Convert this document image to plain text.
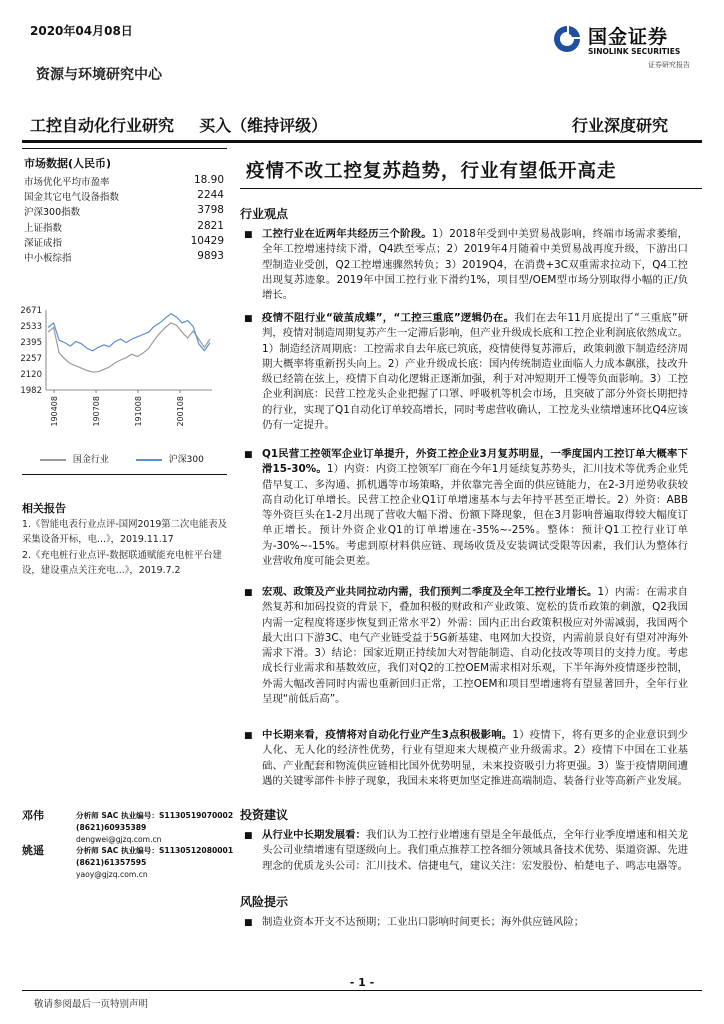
2020年04月08日	国金证券
SINOLINK SECURITIES
证券研究报告
资源与环境研究中心
工控自动化行业研究 买入（维持评级）	行业深度研究
市场数据(人民币)
市场优化平均市盈率	18.90
国金其它电气设备指数	2244
沪深300指数	3798
上证指数	2821
深证成指	10429
中小板综指	9893
2671
2533
2395
2257
2120
1982
190408	190708	191008	200108
国金行业	沪深300
相关报告
1.《智能电表行业点评-国网2019第二次电能表及采集设备开标，电...》，2019.11.17
2.《充电桩行业点评-数据联通赋能充电桩平台建设，建设重点关注充电...》，2019.7.2
邓伟	分析师 SAC 执业编号：S1130519070002
(8621)60935389
dengwei@gjzq.com.cn
姚遥	分析师 SAC 执业编号：S1130512080001
(8621)61357595
yaoy@gjzq.com.cn
疫情不改工控复苏趋势，行业有望低开高走
行业观点
■ 工控行业在近两年共经历三个阶段。1）2018年受到中美贸易战影响，终端市场需求萎缩，全年工控增速持续下滑，Q4跌至零点；2）2019年4月随着中美贸易战再度升级，下游出口型制造业受创，Q2工控增速骤然转负；3）2019Q4，在消费+3C双重需求拉动下，Q4工控出现复苏迹象。2019年中国工控行业下滑约1%，项目型/OEM型市场分别取得小幅的正/负增长。
■ 疫情不阻行业“破茧成蝶”，“工控三重底”逻辑仍在。我们在去年11月底提出了“三重底”研判，疫情对制造周期复苏产生一定滞后影响，但产业升级成长底和工控企业利润底依然成立。1）制造经济周期底：工控需求自去年底已筑底，疫情使得复苏滞后，政策刺激下制造经济周期大概率将重新拐头向上。2）产业升级成长底：国内传统制造业面临人力成本飙涨，技改升级已经箭在弦上，疫情下自动化逻辑正逐渐加强，利于对冲短期开工慢等负面影响。3）工控企业利润底：民营工控龙头企业把握了口罩、呼吸机等机会市场，且突破了部分外资长期把持的行业，实现了Q1自动化订单较高增长，同时考虑营收确认，工控龙头业绩增速环比Q4应该仍有一定提升。
■ Q1民营工控领军企业订单提升，外资工控企业3月复苏明显，一季度国内工控订单大概率下滑15-30%。1）内资：内资工控领军厂商在今年1月延续复苏势头，汇川技术等优秀企业凭借早复工、多沟通、抓机遇等市场策略，并依靠完善全面的供应链能力，在2-3月逆势收获较高自动化订单增长。民营工控企业Q1订单增速基本与去年持平甚至正增长。2）外资：ABB等外资巨头在1-2月出现了营收大幅下滑、份额下降现象，但在3月影响普遍取得较大幅度订单正增长。预计外资企业Q1的订单增速在-35%~-25%。整体：预计Q1工控行业订单为-30%~-15%。考虑到原材料供应链、现场收货及安装调试受限等因素，我们认为整体行业营收角度可能会更差。
■ 宏观、政策及产业共同拉动内需，我们预判二季度及全年工控行业增长。1）内需：在需求自然复苏和加码投资的背景下，叠加积极的财政和产业政策、宽松的货币政策的刺激，Q2我国内需一定程度将逐步恢复到正常水平2）外需：国内正出台政策积极应对外需减弱，我国两个最大出口下游3C、电气产业链受益于5G新基建、电网加大投资，内需前景良好有望对冲海外需求下滑。3）结论：国家近期正持续加大对智能制造、自动化技改等项目的支持力度。考虑成长行业需求和基数效应，我们对Q2的工控OEM需求相对乐观，下半年海外疫情逐步控制，外需大幅改善同时内需也重新回归正常，工控OEM和项目型增速将有望显著回升，全年行业呈现“前低后高”。
■ 中长期来看，疫情将对自动化行业产生3点积极影响。1）疫情下，将有更多的企业意识到少人化、无人化的经济性优势，行业有望迎来大规模产业升级需求。2）疫情下中国在工业基础、产业配套和物流供应链相比国外优势明显，未来投资吸引力将更强。3）鉴于疫情期间遭遇的关键零部件卡脖子现象，我国未来将更加坚定推进高端制造、装备行业等高新产业发展。
投资建议
■ 从行业中长期发展看：我们认为工控行业增速有望是全年最低点，全年行业季度增速和相关龙头公司业绩增速有望逐级向上。我们重点推荐工控各细分领域具备技术优势、渠道资源、先进理念的优质龙头公司：汇川技术、信捷电气，建议关注：宏发股份、柏楚电子、鸣志电器等。
风险提示
■ 制造业资本开支不达预期；工业出口影响时间更长；海外供应链风险；
- 1 -
敬请参阅最后一页特别声明
